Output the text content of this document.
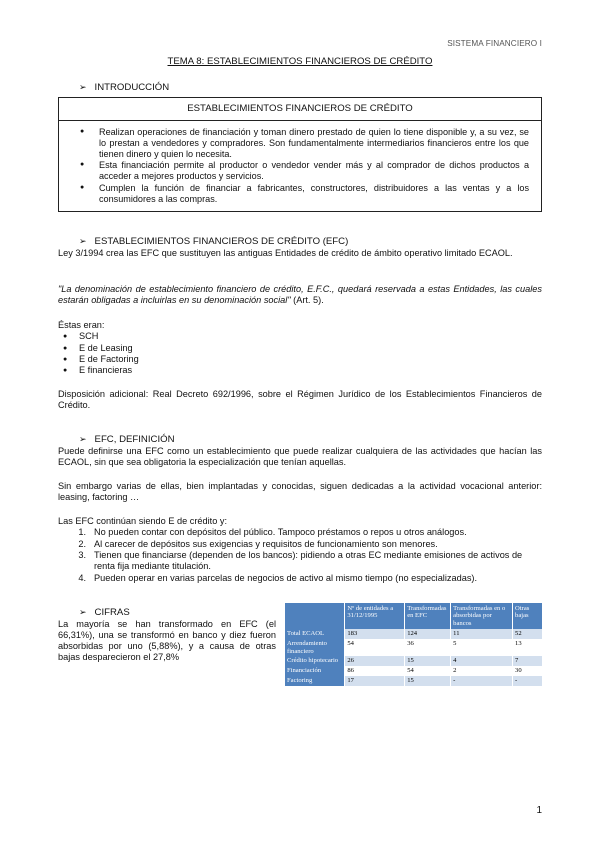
SISTEMA FINANCIERO I
TEMA 8: ESTABLECIMIENTOS FINANCIEROS DE CRÉDITO
➢ INTRODUCCIÓN
ESTABLECIMIENTOS FINANCIEROS DE CRÉDITO
● Realizan operaciones de financiación y toman dinero prestado de quien lo tiene disponible y, a su vez, se lo prestan a vendedores y compradores. Son fundamentalmente intermediarios financieros entre los que tienen dinero y quien lo necesita.
● Esta financiación permite al productor o vendedor vender más y al comprador de dichos productos a acceder a mejores productos y servicios.
● Cumplen la función de financiar a fabricantes, constructores, distribuidores a las ventas y a los consumidores a las compras.
➢ ESTABLECIMIENTOS FINANCIEROS DE CRÉDITO (EFC)
Ley 3/1994 crea las EFC que sustituyen las antiguas Entidades de crédito de ámbito operativo limitado ECAOL.
"La denominación de establecimiento financiero de crédito, E.F.C., quedará reservada a estas Entidades, las cuales estarán obligadas a incluirlas en su denominación social" (Art. 5).
Éstas eran:
● SCH
● E de Leasing
● E de Factoring
● E financieras
Disposición adicional: Real Decreto 692/1996, sobre el Régimen Jurídico de los Establecimientos Financieros de Crédito.
➢ EFC, DEFINICIÓN
Puede definirse una EFC como un establecimiento que puede realizar cualquiera de las actividades que hacían las ECAOL, sin que sea obligatoria la especialización que tenían aquellas.
Sin embargo varias de ellas, bien implantadas y conocidas, siguen dedicadas a la actividad vocacional anterior: leasing, factoring …
Las EFC continúan siendo E de crédito y:
1. No pueden contar con depósitos del público. Tampoco préstamos o repos u otros análogos.
2. Al carecer de depósitos sus exigencias y requisitos de funcionamiento son menores.
3. Tienen que financiarse (dependen de los bancos): pidiendo a otras EC mediante emisiones de activos de renta fija mediante titulación.
4. Pueden operar en varias parcelas de negocios de activo al mismo tiempo (no especializadas).
➢ CIFRAS
La mayoría se han transformado en EFC (el 66,31%), una se transformó en banco y diez fueron absorbidas por uno (5,88%), y a causa de otras bajas desparecieron el 27,8%
	Nº de entidades a 31/12/1995	Transformadas en EFC	Transformadas en o absorbidas por bancos	Otras bajas
Total ECAOL	183	124	11	52
Arrendamiento financiero	54	36	5	13
Crédito hipotecario	26	15	4	7
Financiación	86	54	2	30
Factoring	17	15	-	-
1
